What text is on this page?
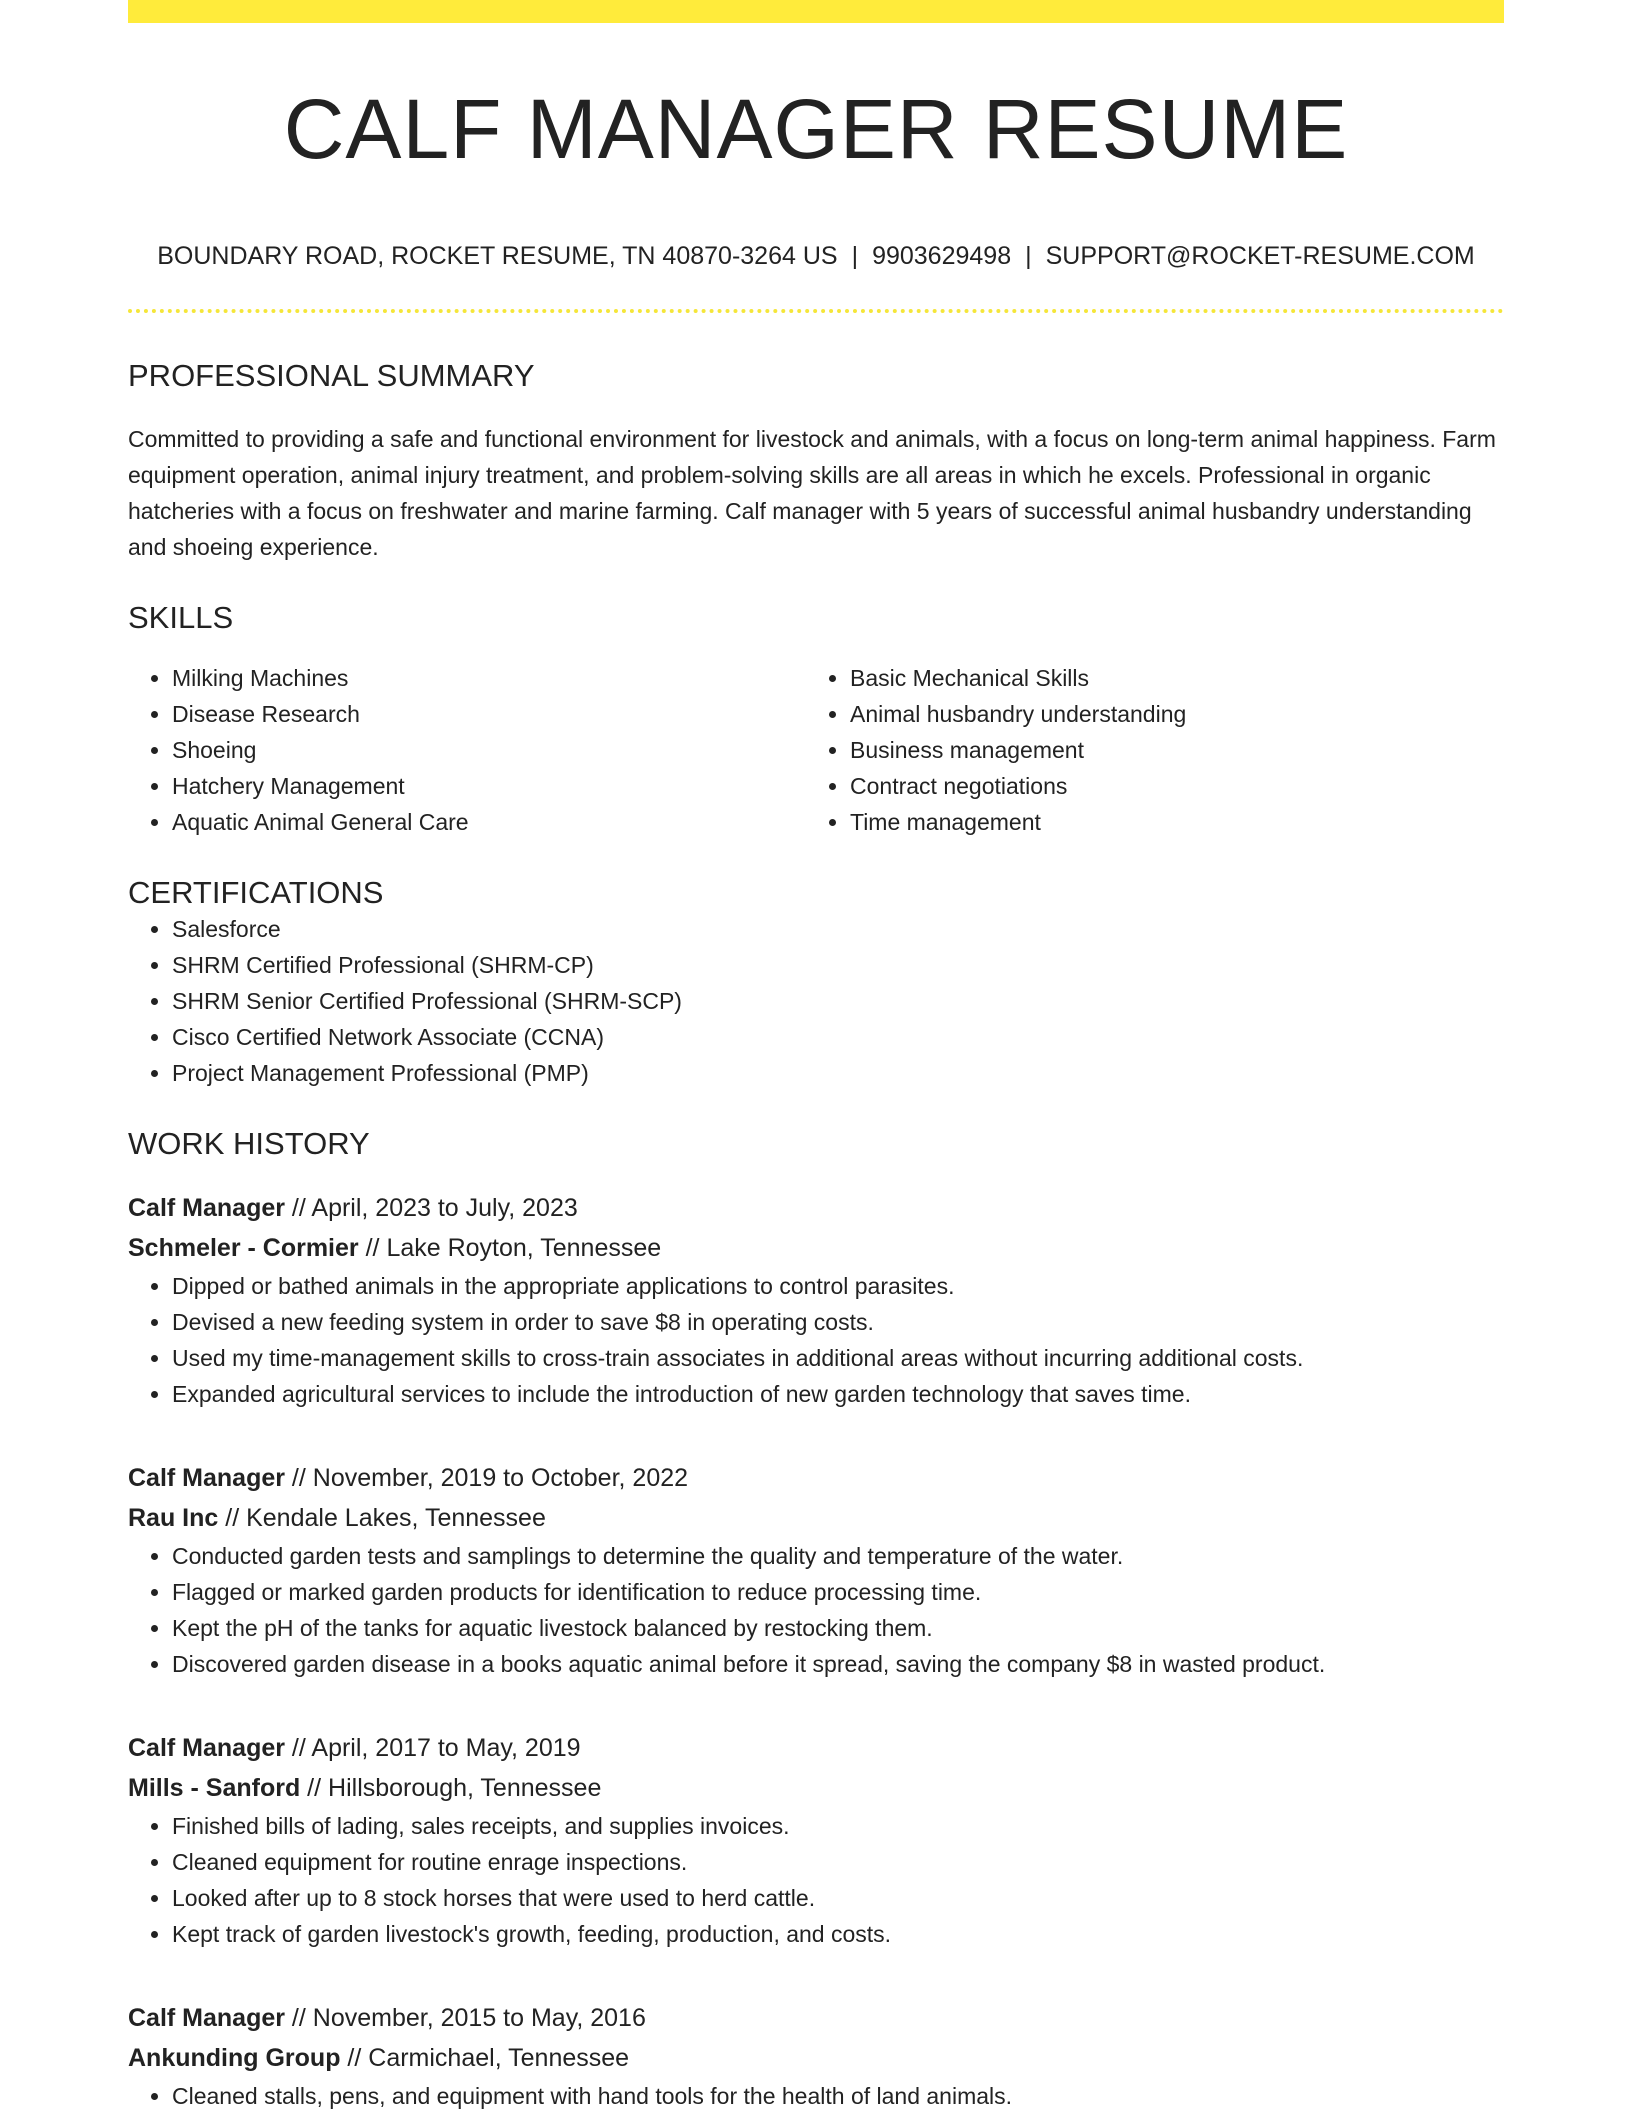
CALF MANAGER RESUME
BOUNDARY ROAD, ROCKET RESUME, TN 40870-3264 US | 9903629498 | SUPPORT@ROCKET-RESUME.COM
PROFESSIONAL SUMMARY

Committed to providing a safe and functional environment for livestock and animals, with a focus on long-term animal happiness. Farm equipment operation, animal injury treatment, and problem-solving skills are all areas in which he excels. Professional in organic hatcheries with a focus on freshwater and marine farming. Calf manager with 5 years of successful animal husbandry understanding and shoeing experience.

SKILLS
• Milking Machines
• Disease Research
• Shoeing
• Hatchery Management
• Aquatic Animal General Care
• Basic Mechanical Skills
• Animal husbandry understanding
• Business management
• Contract negotiations
• Time management
CERTIFICATIONS
• Salesforce
• SHRM Certified Professional (SHRM-CP)
• SHRM Senior Certified Professional (SHRM-SCP)
• Cisco Certified Network Associate (CCNA)
• Project Management Professional (PMP)
WORK HISTORY
Calf Manager // April, 2023 to July, 2023
Schmeler - Cormier // Lake Royton, Tennessee
• Dipped or bathed animals in the appropriate applications to control parasites.
• Devised a new feeding system in order to save $8 in operating costs.
• Used my time-management skills to cross-train associates in additional areas without incurring additional costs.
• Expanded agricultural services to include the introduction of new garden technology that saves time.
Calf Manager // November, 2019 to October, 2022
Rau Inc // Kendale Lakes, Tennessee
• Conducted garden tests and samplings to determine the quality and temperature of the water.
• Flagged or marked garden products for identification to reduce processing time.
• Kept the pH of the tanks for aquatic livestock balanced by restocking them.
• Discovered garden disease in a books aquatic animal before it spread, saving the company $8 in wasted product.
Calf Manager // April, 2017 to May, 2019
Mills - Sanford // Hillsborough, Tennessee
• Finished bills of lading, sales receipts, and supplies invoices.
• Cleaned equipment for routine enrage inspections.
• Looked after up to 8 stock horses that were used to herd cattle.
• Kept track of garden livestock's growth, feeding, production, and costs.
Calf Manager // November, 2015 to May, 2016
Ankunding Group // Carmichael, Tennessee
• Cleaned stalls, pens, and equipment with hand tools for the health of land animals.
